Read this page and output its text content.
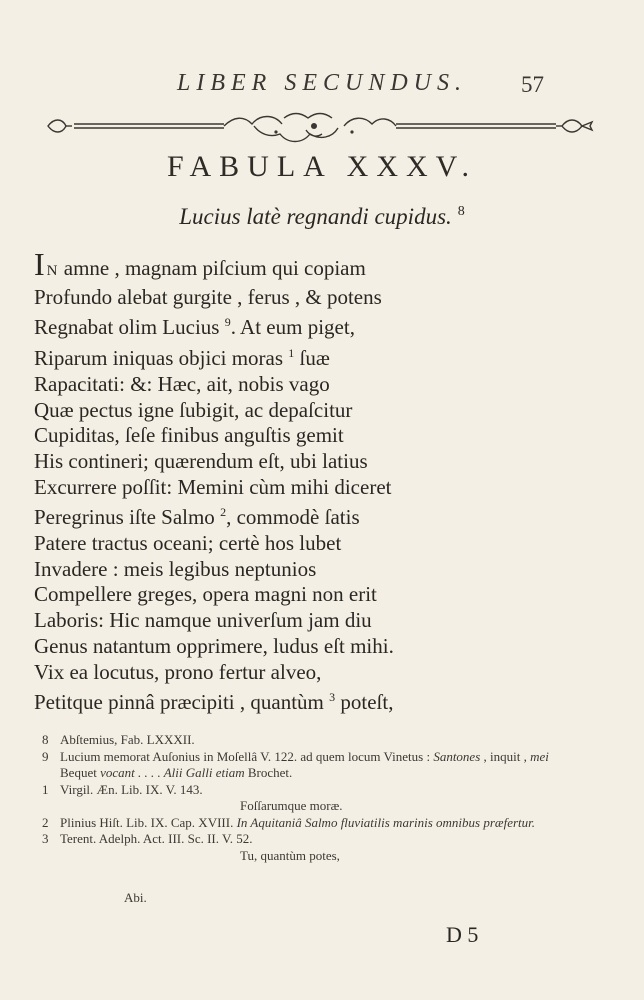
LIBER SECUNDUS.	57
FABULA XXXV.
Lucius latè regnandi cupidus. $^8$
I N amne , magnam piſcium qui copiam
Profundo alebat gurgite , ferus , & potens
Regnabat olim Lucius $^9$. At eum piget,
Riparum iniquas objici moras $^1$ ſuæ
Rapacitati: &: Hæc, ait, nobis vago
Quæ pectus igne ſubigit, ac depaſcitur
Cupiditas, ſeſe finibus anguſtis gemit
His contineri; quærendum eſt, ubi latius
Excurrere poſſit: Memini cùm mihi diceret
Peregrinus iſte Salmo $^2$, commodè ſatis
Patere tractus oceani; certè hos lubet
Invadere : meis legibus neptunios
Compellere greges, opera magni non erit
Laboris: Hic namque univerſum jam diu
Genus natantum opprimere, ludus eſt mihi.
Vix ea locutus, prono fertur alveo,
Petitque pinnâ præcipiti , quantùm $^3$ poteſt,
8 Abſtemius, Fab. LXXXII.
9 Lucium memorat Auſonius in Moſellâ V. 122. ad quem locum Vinetus : Santones , inquit , mei Bequet vocant . . . . Alii Galli etiam Brochet.
1 Virgil. Æn. Lib. IX. V. 143.
Foſſarumque moræ.
2 Plinius Hiſt. Lib. IX. Cap. XVIII. In Aquitaniâ Salmo fluviatilis marinis omnibus præfertur.
3 Terent. Adelph. Act. III. Sc. II. V. 52.
Tu, quantùm potes,
Abi.
D 5
